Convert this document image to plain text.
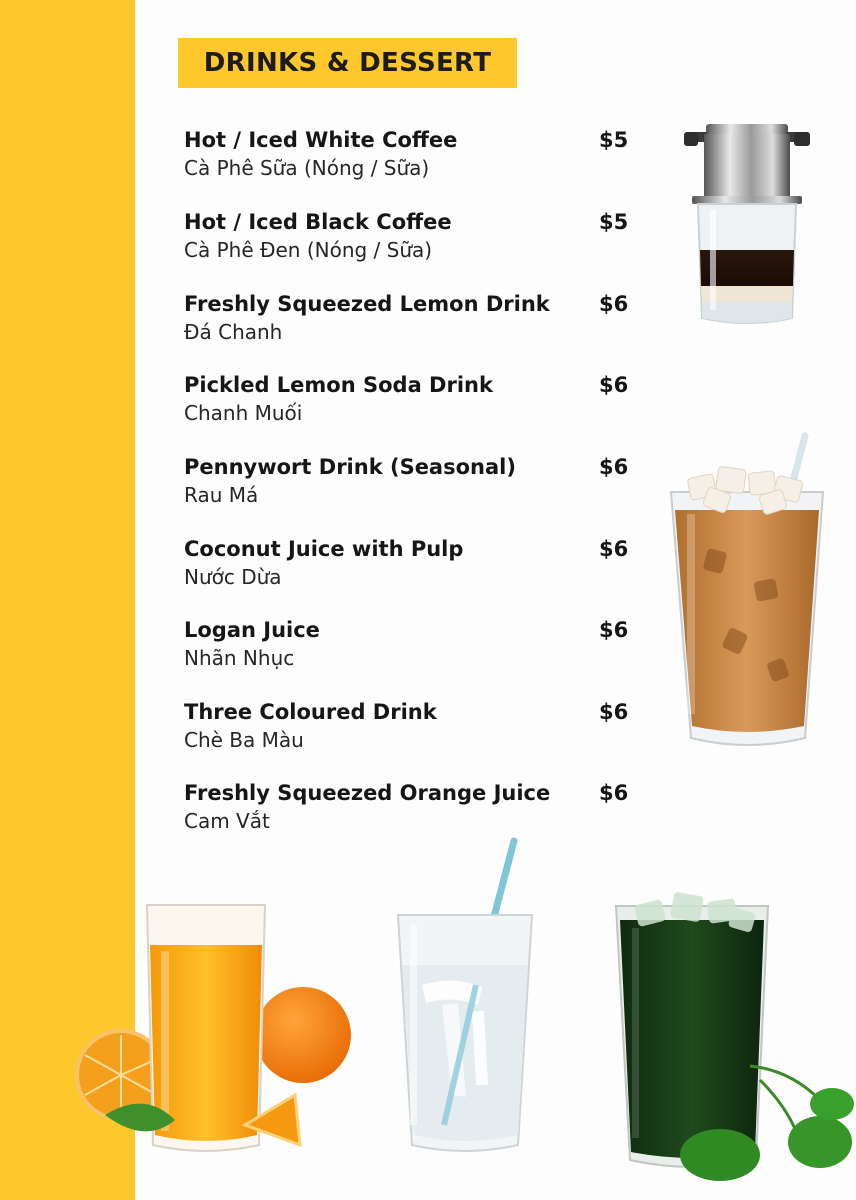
DRINKS & DESSERT
Hot / Iced White Coffee
Cà Phê Sữa (Nóng / Sữa)
$5
Hot / Iced Black Coffee
Cà Phê Đen (Nóng / Sữa)
$5
Freshly Squeezed Lemon Drink
Đá Chanh
$6
Pickled Lemon Soda Drink
Chanh Muối
$6
Pennywort Drink (Seasonal)
Rau Má
$6
Coconut Juice with Pulp
Nước Dừa
$6
Logan Juice
Nhãn Nhục
$6
Three Coloured Drink
Chè Ba Màu
$6
Freshly Squeezed Orange Juice
Cam Vắt
$6
